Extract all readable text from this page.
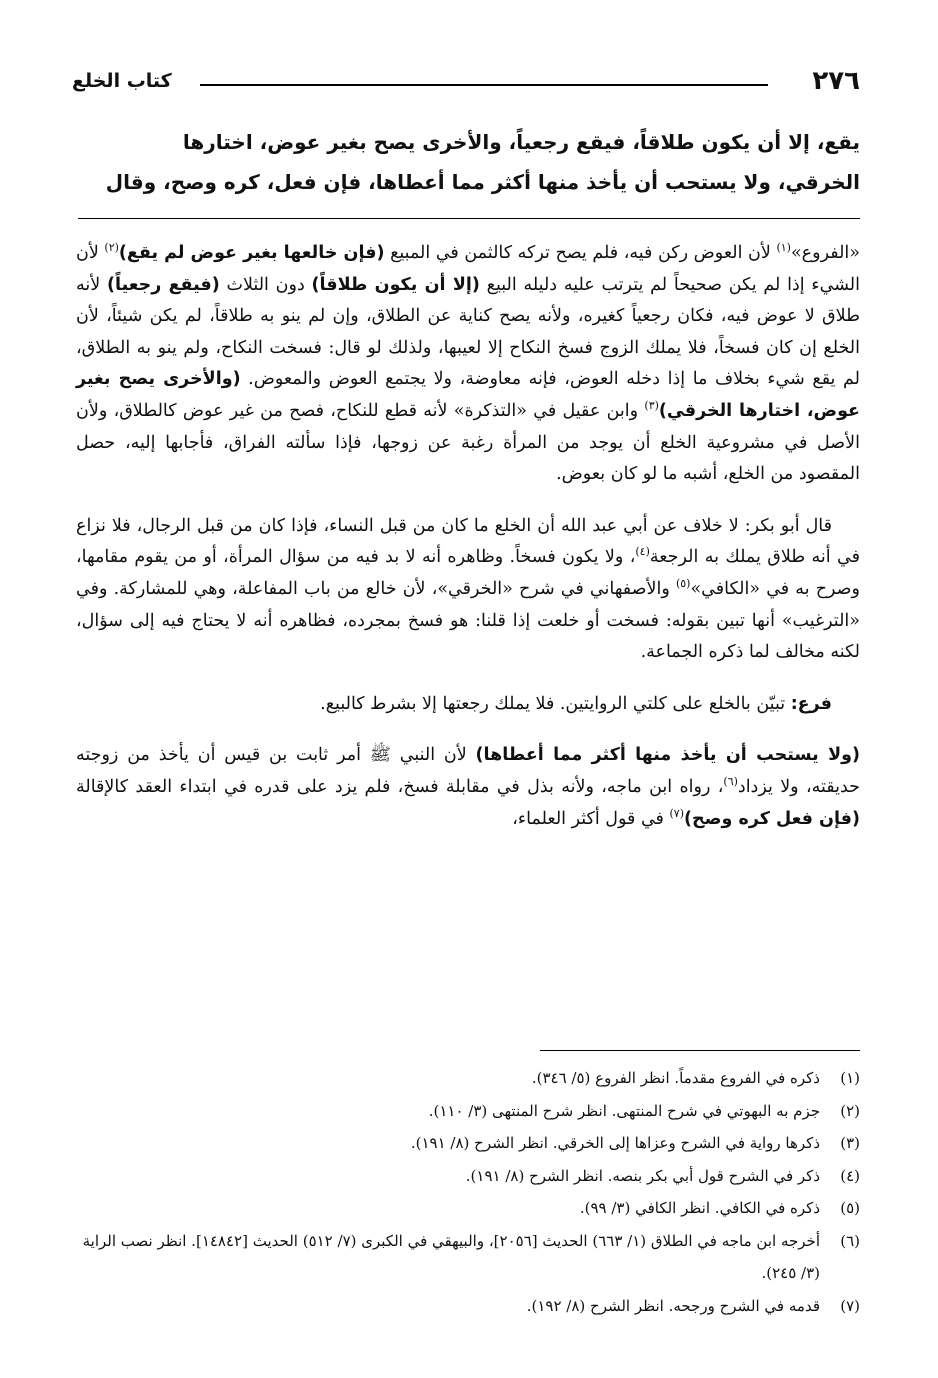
٢٧٦
كتاب الخلع
يقع، إلا أن يكون طلاقاً، فيقع رجعياً، والأخرى يصح بغير عوض، اختارها
الخرقي، ولا يستحب أن يأخذ منها أكثر مما أعطاها، فإن فعل، كره وصح، وقال

«الفروع»$^{(١)}$ لأن العوض ركن فيه، فلم يصح تركه كالثمن في المبيع (فإن خالعها بغير عوض لم يقع)$^{(٢)}$ لأن الشيء إذا لم يكن صحيحاً لم يترتب عليه دليله البيع (إلا أن يكون طلاقاً) دون الثلاث (فيقع رجعياً) لأنه طلاق لا عوض فيه، فكان رجعياً كغيره، ولأنه يصح كناية عن الطلاق، وإن لم ينو به طلاقاً، لم يكن شيئاً، لأن الخلع إن كان فسخاً، فلا يملك الزوج فسخ النكاح إلا لعيبها، ولذلك لو قال: فسخت النكاح، ولم ينو به الطلاق، لم يقع شيء بخلاف ما إذا دخله العوض، فإنه معاوضة، ولا يجتمع العوض والمعوض. (والأخرى يصح بغير عوض، اختارها الخرقي)$^{(٣)}$ وابن عقيل في «التذكرة» لأنه قطع للنكاح، فصح من غير عوض كالطلاق، ولأن الأصل في مشروعية الخلع أن يوجد من المرأة رغبة عن زوجها، فإذا سألته الفراق، فأجابها إليه، حصل المقصود من الخلع، أشبه ما لو كان بعوض.

قال أبو بكر: لا خلاف عن أبي عبد الله أن الخلع ما كان من قبل النساء، فإذا كان من قبل الرجال، فلا نزاع في أنه طلاق يملك به الرجعة$^{(٤)}$، ولا يكون فسخاً. وظاهره أنه لا بد فيه من سؤال المرأة، أو من يقوم مقامها، وصرح به في «الكافي»$^{(٥)}$ والأصفهاني في شرح «الخرقي»، لأن خالع من باب المفاعلة، وهي للمشاركة. وفي «الترغيب» أنها تبين بقوله: فسخت أو خلعت إذا قلنا: هو فسخ بمجرده، فظاهره أنه لا يحتاج فيه إلى سؤال، لكنه مخالف لما ذكره الجماعة.

فرع: تبيّن بالخلع على كلتي الروايتين. فلا يملك رجعتها إلا بشرط كالبيع.

(ولا يستحب أن يأخذ منها أكثر مما أعطاها) لأن النبي ﷺ أمر ثابت بن قيس أن يأخذ من زوجته حديقته، ولا يزداد$^{(٦)}$، رواه ابن ماجه، ولأنه بذل في مقابلة فسخ، فلم يزد على قدره في ابتداء العقد كالإقالة (فإن فعل كره وصح)$^{(٧)}$ في قول أكثر العلماء،

(١)
ذكره في الفروع مقدماً. انظر الفروع (٥/ ٣٤٦).
(٢)
جزم به البهوتي في شرح المنتهى. انظر شرح المنتهى (٣/ ١١٠).
(٣)
ذكرها رواية في الشرح وعزاها إلى الخرقي. انظر الشرح (٨/ ١٩١).
(٤)
ذكر في الشرح قول أبي بكر بنصه. انظر الشرح (٨/ ١٩١).
(٥)
ذكره في الكافي. انظر الكافي (٣/ ٩٩).
(٦)
أخرجه ابن ماجه في الطلاق (١/ ٦٦٣) الحديث [٢٠٥٦]، والبيهقي في الكبرى (٧/ ٥١٢) الحديث [١٤٨٤٢]. انظر نصب الراية (٣/ ٢٤٥).
(٧)
قدمه في الشرح ورجحه. انظر الشرح (٨/ ١٩٢).
